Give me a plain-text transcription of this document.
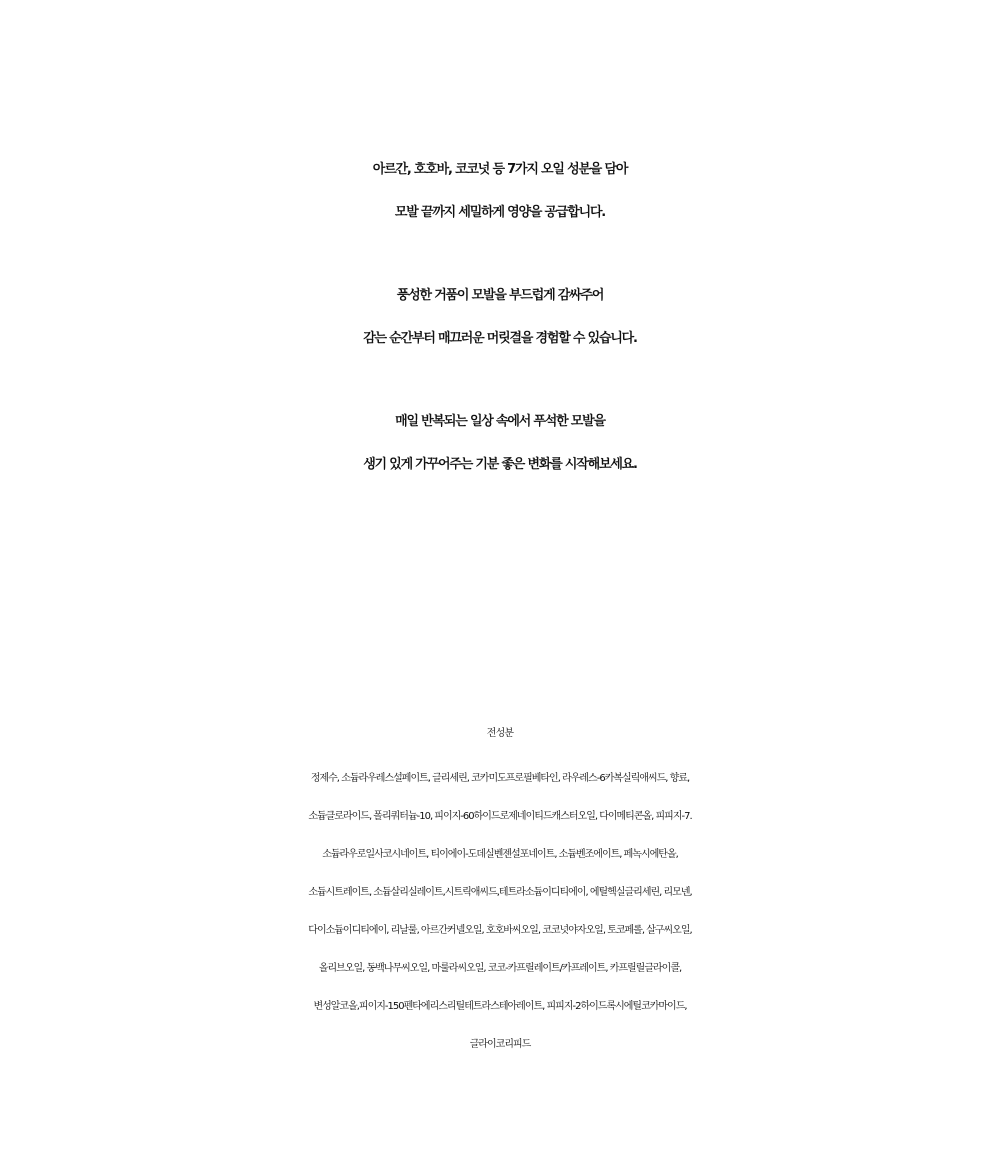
아르간, 호호바, 코코넛 등 7가지 오일 성분을 담아
모발 끝까지 세밀하게 영양을 공급합니다.

풍성한 거품이 모발을 부드럽게 감싸주어
감는 순간부터 매끄러운 머릿결을 경험할 수 있습니다.

매일 반복되는 일상 속에서 푸석한 모발을
생기 있게 가꾸어주는 기분 좋은 변화를 시작해보세요.

전성분
정제수, 소듐라우레스설페이트, 글리세린, 코카미도프로필베타인, 라우레스-6카복실릭애씨드, 향료,
소듐클로라이드, 폴리쿼터늄-10, 피이지-60하이드로제네이티드캐스터오일, 다이메티콘올, 피피지-7.
소듐라우로일사코시네이트, 티이에이-도데실벤젠설포네이트, 소듐벤조에이트, 페녹시에탄올,
소듐시트레이트, 소듐살리실레이트,시트릭애씨드,테트라소듐이디티에이, 에틸헥실글리세린, 리모넨,
다이소듐이디티에이, 리날룰, 아르간커넬오일, 호호바씨오일, 코코넛야자오일, 토코페롤, 살구씨오일,
올리브오일, 동백나무씨오일, 마룰라씨오일, 코코-카프릴레이트/카프레이트, 카프릴릴글라이콜,
변성알코올,피이지-150펜타에리스리틸테트라스테아레이트, 피피지-2하이드록시에틸코카마이드,
글라이코리피드
